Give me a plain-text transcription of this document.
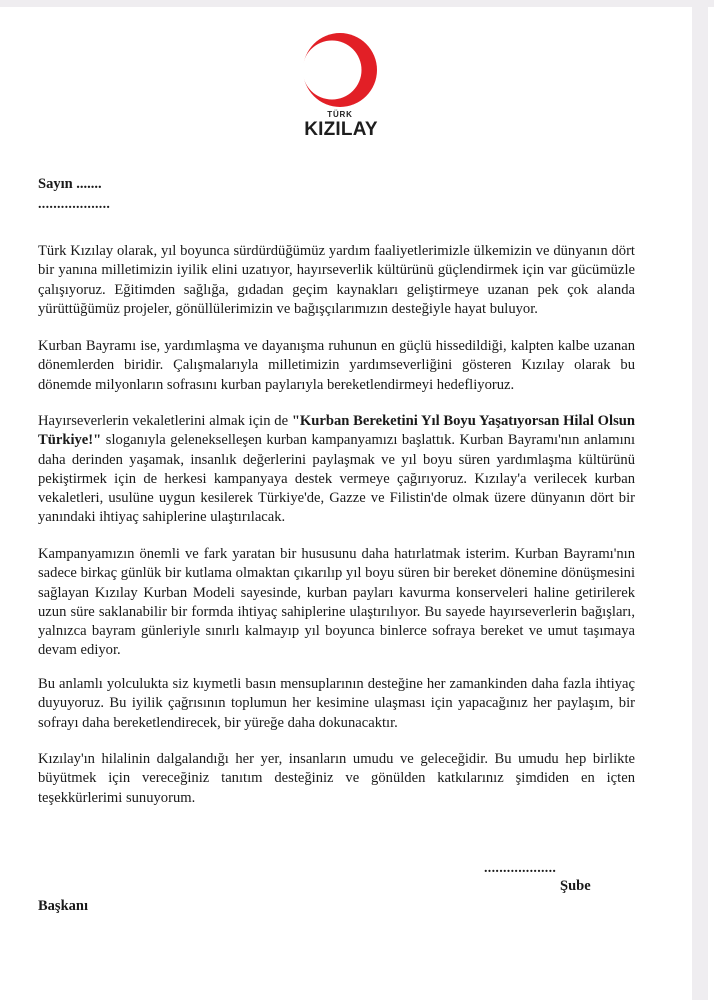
TÜRK
KIZILAY
Sayın .......
...................

Türk Kızılay olarak, yıl boyunca sürdürdüğümüz yardım faaliyetlerimizle ülkemizin ve dünyanın dört bir yanına milletimizin iyilik elini uzatıyor, hayırseverlik kültürünü güçlendirmek için var gücümüzle çalışıyoruz. Eğitimden sağlığa, gıdadan geçim kaynakları geliştirmeye uzanan pek çok alanda yürüttüğümüz projeler, gönüllülerimizin ve bağışçılarımızın desteğiyle hayat buluyor.

Kurban Bayramı ise, yardımlaşma ve dayanışma ruhunun en güçlü hissedildiği, kalpten kalbe uzanan dönemlerden biridir. Çalışmalarıyla milletimizin yardımseverliğini gösteren Kızılay olarak bu dönemde milyonların sofrasını kurban paylarıyla bereketlendirmeyi hedefliyoruz.

Hayırseverlerin vekaletlerini almak için de "Kurban Bereketini Yıl Boyu Yaşatıyorsan Hilal Olsun Türkiye!" sloganıyla gelenekselleşen kurban kampanyamızı başlattık. Kurban Bayramı'nın anlamını daha derinden yaşamak, insanlık değerlerini paylaşmak ve yıl boyu süren yardımlaşma kültürünü pekiştirmek için de herkesi kampanyaya destek vermeye çağırıyoruz. Kızılay'a verilecek kurban vekaletleri, usulüne uygun kesilerek Türkiye'de, Gazze ve Filistin'de olmak üzere dünyanın dört bir yanındaki ihtiyaç sahiplerine ulaştırılacak.

Kampanyamızın önemli ve fark yaratan bir hususunu daha hatırlatmak isterim. Kurban Bayramı'nın sadece birkaç günlük bir kutlama olmaktan çıkarılıp yıl boyu süren bir bereket dönemine dönüşmesini sağlayan Kızılay Kurban Modeli sayesinde, kurban payları kavurma konserveleri haline getirilerek uzun süre saklanabilir bir formda ihtiyaç sahiplerine ulaştırılıyor. Bu sayede hayırseverlerin bağışları, yalnızca bayram günleriyle sınırlı kalmayıp yıl boyunca binlerce sofraya bereket ve umut taşımaya devam ediyor.

Bu anlamlı yolculukta siz kıymetli basın mensuplarının desteğine her zamankinden daha fazla ihtiyaç duyuyoruz. Bu iyilik çağrısının toplumun her kesimine ulaşması için yapacağınız her paylaşım, bir sofrayı daha bereketlendirecek, bir yüreğe daha dokunacaktır.

Kızılay'ın hilalinin dalgalandığı her yer, insanların umudu ve geleceğidir. Bu umudu hep birlikte büyütmek için vereceğiniz tanıtım desteğiniz ve gönülden katkılarınız şimdiden en içten teşekkürlerimi sunuyorum.

...................
Şube
Başkanı
